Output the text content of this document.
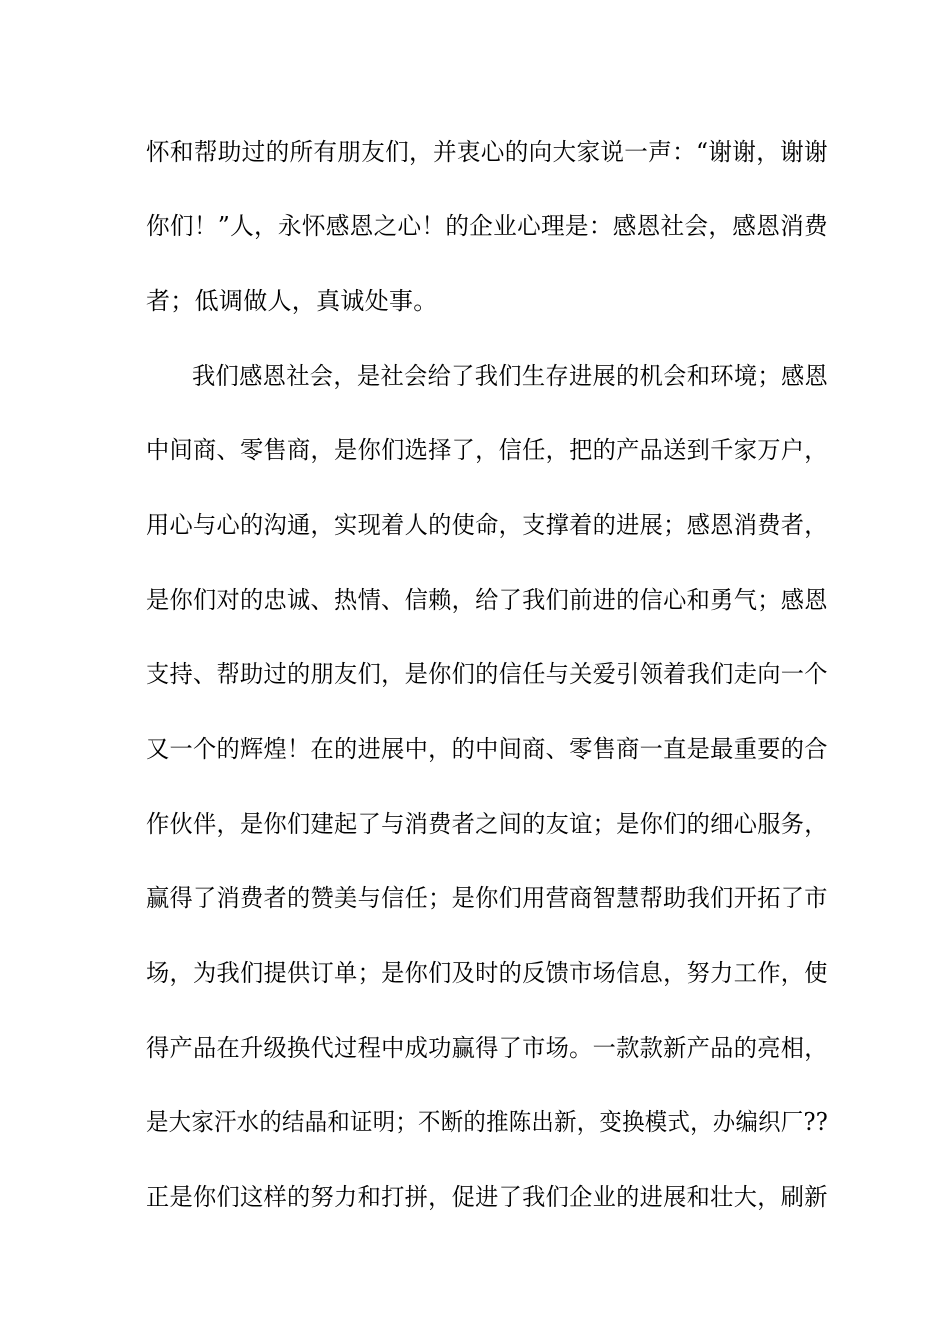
怀和帮助过的所有朋友们，并衷心的向大家说一声：“谢谢，谢谢
你们！”人，永怀感恩之心！的企业心理是：感恩社会，感恩消费
者；低调做人，真诚处事。
我们感恩社会，是社会给了我们生存进展的机会和环境；感恩
中间商、零售商，是你们选择了，信任，把的产品送到千家万户，
用心与心的沟通，实现着人的使命，支撑着的进展；感恩消费者，
是你们对的忠诚、热情、信赖，给了我们前进的信心和勇气；感恩
支持、帮助过的朋友们，是你们的信任与关爱引领着我们走向一个
又一个的辉煌！在的进展中，的中间商、零售商一直是最重要的合
作伙伴，是你们建起了与消费者之间的友谊；是你们的细心服务，
赢得了消费者的赞美与信任；是你们用营商智慧帮助我们开拓了市
场，为我们提供订单；是你们及时的反馈市场信息，努力工作，使
得产品在升级换代过程中成功赢得了市场。一款款新产品的亮相，
是大家汗水的结晶和证明；不断的推陈出新，变换模式，办编织厂??
正是你们这样的努力和打拼，促进了我们企业的进展和壮大，刷新
